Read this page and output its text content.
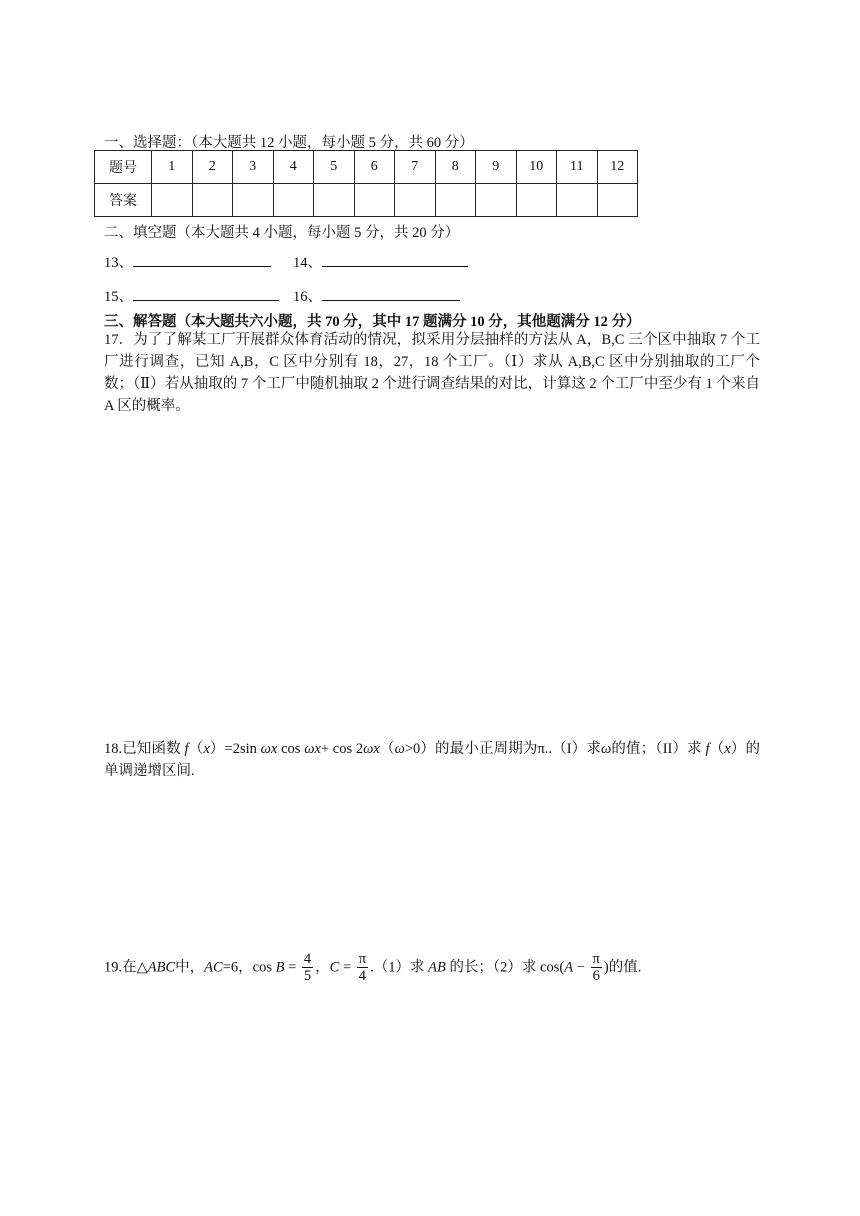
一、选择题：（本大题共 12 小题，每小题 5 分，共 60 分）
题号	1	2	3	4	5	6	7	8	9	10	11	12
答案												
二、填空题（本大题共 4 小题，每小题 5 分，共 20 分）
13、	14、
15、	16、
三、解答题（本大题共六小题，共 70 分，其中 17 题满分 10 分，其他题满分 12 分）
17．为了了解某工厂开展群众体育活动的情况，拟采用分层抽样的方法从 A，B,C 三个区中抽取 7 个工厂进行调查，已知 A,B，C 区中分别有 18，27，18 个工厂。（Ⅰ）求从 A,B,C 区中分别抽取的工厂个数；（Ⅱ）若从抽取的 7 个工厂中随机抽取 2 个进行调查结果的对比，计算这 2 个工厂中至少有 1 个来自 A 区的概率。
18.已知函数 f（x）=2sin ωx cos ωx+ cos 2ωx（ω>0）的最小正周期为π..（I）求ω的值；（II）求 f（x）的单调递增区间.
19.在△ABC中，AC=6，$\cos B = \frac{4}{5}$ ，$C = \frac{\pi}{4} .(1)$求 AB 的长；（2）求 $\cos(A - \frac{\pi}{6}$ )的值.
